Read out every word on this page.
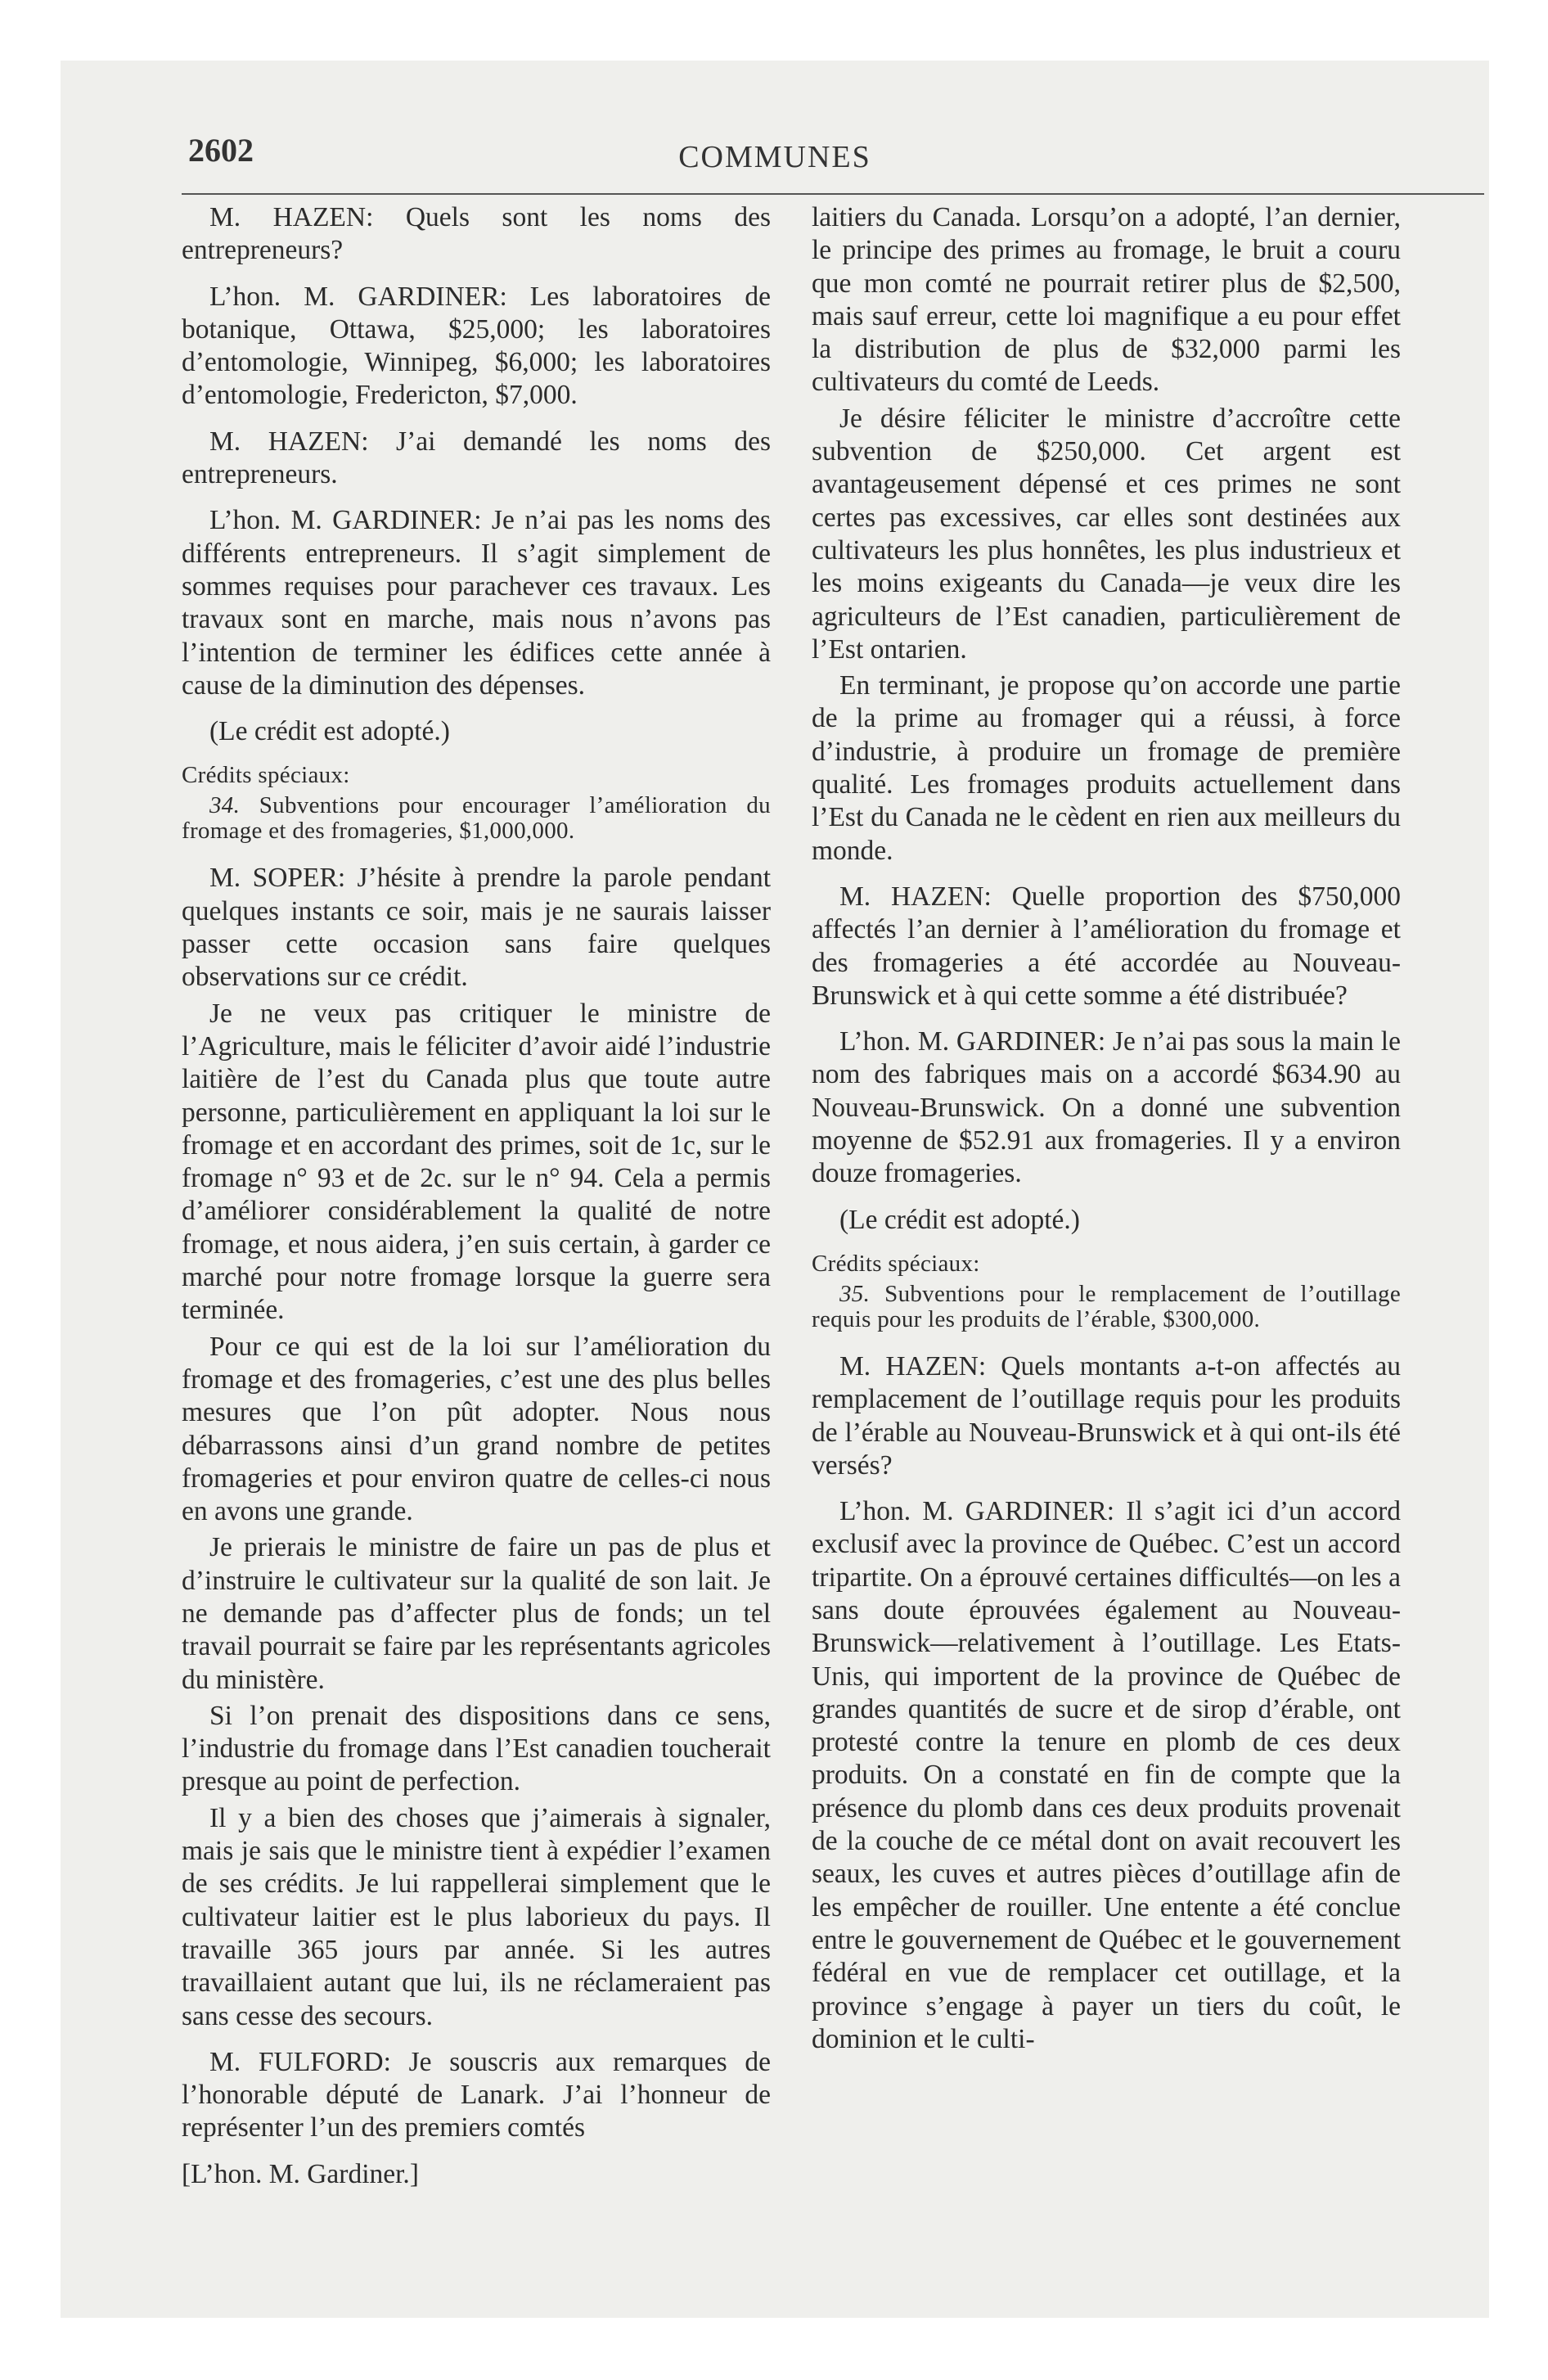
2602	COMMUNES

M. HAZEN: Quels sont les noms des entrepreneurs?

L’hon. M. GARDINER: Les laboratoires de botanique, Ottawa, $25,000; les laboratoires d’entomologie, Winnipeg, $6,000; les laboratoires d’entomologie, Fredericton, $7,000.

M. HAZEN: J’ai demandé les noms des entrepreneurs.

L’hon. M. GARDINER: Je n’ai pas les noms des différents entrepreneurs. Il s’agit simplement de sommes requises pour parachever ces travaux. Les travaux sont en marche, mais nous n’avons pas l’intention de terminer les édifices cette année à cause de la diminution des dépenses.

(Le crédit est adopté.)

Crédits spéciaux:

34. Subventions pour encourager l’amélioration du fromage et des fromageries, $1,000,000.

M. SOPER: J’hésite à prendre la parole pendant quelques instants ce soir, mais je ne saurais laisser passer cette occasion sans faire quelques observations sur ce crédit.

Je ne veux pas critiquer le ministre de l’Agriculture, mais le féliciter d’avoir aidé l’industrie laitière de l’est du Canada plus que toute autre personne, particulièrement en appliquant la loi sur le fromage et en accordant des primes, soit de 1c, sur le fromage n° 93 et de 2c. sur le n° 94. Cela a permis d’améliorer considérablement la qualité de notre fromage, et nous aidera, j’en suis certain, à garder ce marché pour notre fromage lorsque la guerre sera terminée.

Pour ce qui est de la loi sur l’amélioration du fromage et des fromageries, c’est une des plus belles mesures que l’on pût adopter. Nous nous débarrassons ainsi d’un grand nombre de petites fromageries et pour environ quatre de celles-ci nous en avons une grande.

Je prierais le ministre de faire un pas de plus et d’instruire le cultivateur sur la qualité de son lait. Je ne demande pas d’affecter plus de fonds; un tel travail pourrait se faire par les représentants agricoles du ministère.

Si l’on prenait des dispositions dans ce sens, l’industrie du fromage dans l’Est canadien toucherait presque au point de perfection.

Il y a bien des choses que j’aimerais à signaler, mais je sais que le ministre tient à expédier l’examen de ses crédits. Je lui rappellerai simplement que le cultivateur laitier est le plus laborieux du pays. Il travaille 365 jours par année. Si les autres travaillaient autant que lui, ils ne réclameraient pas sans cesse des secours.

M. FULFORD: Je souscris aux remarques de l’honorable député de Lanark. J’ai l’honneur de représenter l’un des premiers comtés

[L’hon. M. Gardiner.]

laitiers du Canada. Lorsqu’on a adopté, l’an dernier, le principe des primes au fromage, le bruit a couru que mon comté ne pourrait retirer plus de $2,500, mais sauf erreur, cette loi magnifique a eu pour effet la distribution de plus de $32,000 parmi les cultivateurs du comté de Leeds.

Je désire féliciter le ministre d’accroître cette subvention de $250,000. Cet argent est avantageusement dépensé et ces primes ne sont certes pas excessives, car elles sont destinées aux cultivateurs les plus honnêtes, les plus industrieux et les moins exigeants du Canada—je veux dire les agriculteurs de l’Est canadien, particulièrement de l’Est ontarien.

En terminant, je propose qu’on accorde une partie de la prime au fromager qui a réussi, à force d’industrie, à produire un fromage de première qualité. Les fromages produits actuellement dans l’Est du Canada ne le cèdent en rien aux meilleurs du monde.

M. HAZEN: Quelle proportion des $750,000 affectés l’an dernier à l’amélioration du fromage et des fromageries a été accordée au Nouveau-Brunswick et à qui cette somme a été distribuée?

L’hon. M. GARDINER: Je n’ai pas sous la main le nom des fabriques mais on a accordé $634.90 au Nouveau-Brunswick. On a donné une subvention moyenne de $52.91 aux fromageries. Il y a environ douze fromageries.

(Le crédit est adopté.)

Crédits spéciaux:

35. Subventions pour le remplacement de l’outillage requis pour les produits de l’érable, $300,000.

M. HAZEN: Quels montants a-t-on affectés au remplacement de l’outillage requis pour les produits de l’érable au Nouveau-Brunswick et à qui ont-ils été versés?

L’hon. M. GARDINER: Il s’agit ici d’un accord exclusif avec la province de Québec. C’est un accord tripartite. On a éprouvé certaines difficultés—on les a sans doute éprouvées également au Nouveau-Brunswick—relativement à l’outillage. Les Etats-Unis, qui importent de la province de Québec de grandes quantités de sucre et de sirop d’érable, ont protesté contre la tenure en plomb de ces deux produits. On a constaté en fin de compte que la présence du plomb dans ces deux produits provenait de la couche de ce métal dont on avait recouvert les seaux, les cuves et autres pièces d’outillage afin de les empêcher de rouiller. Une entente a été conclue entre le gouvernement de Québec et le gouvernement fédéral en vue de remplacer cet outillage, et la province s’engage à payer un tiers du coût, le dominion et le culti-
